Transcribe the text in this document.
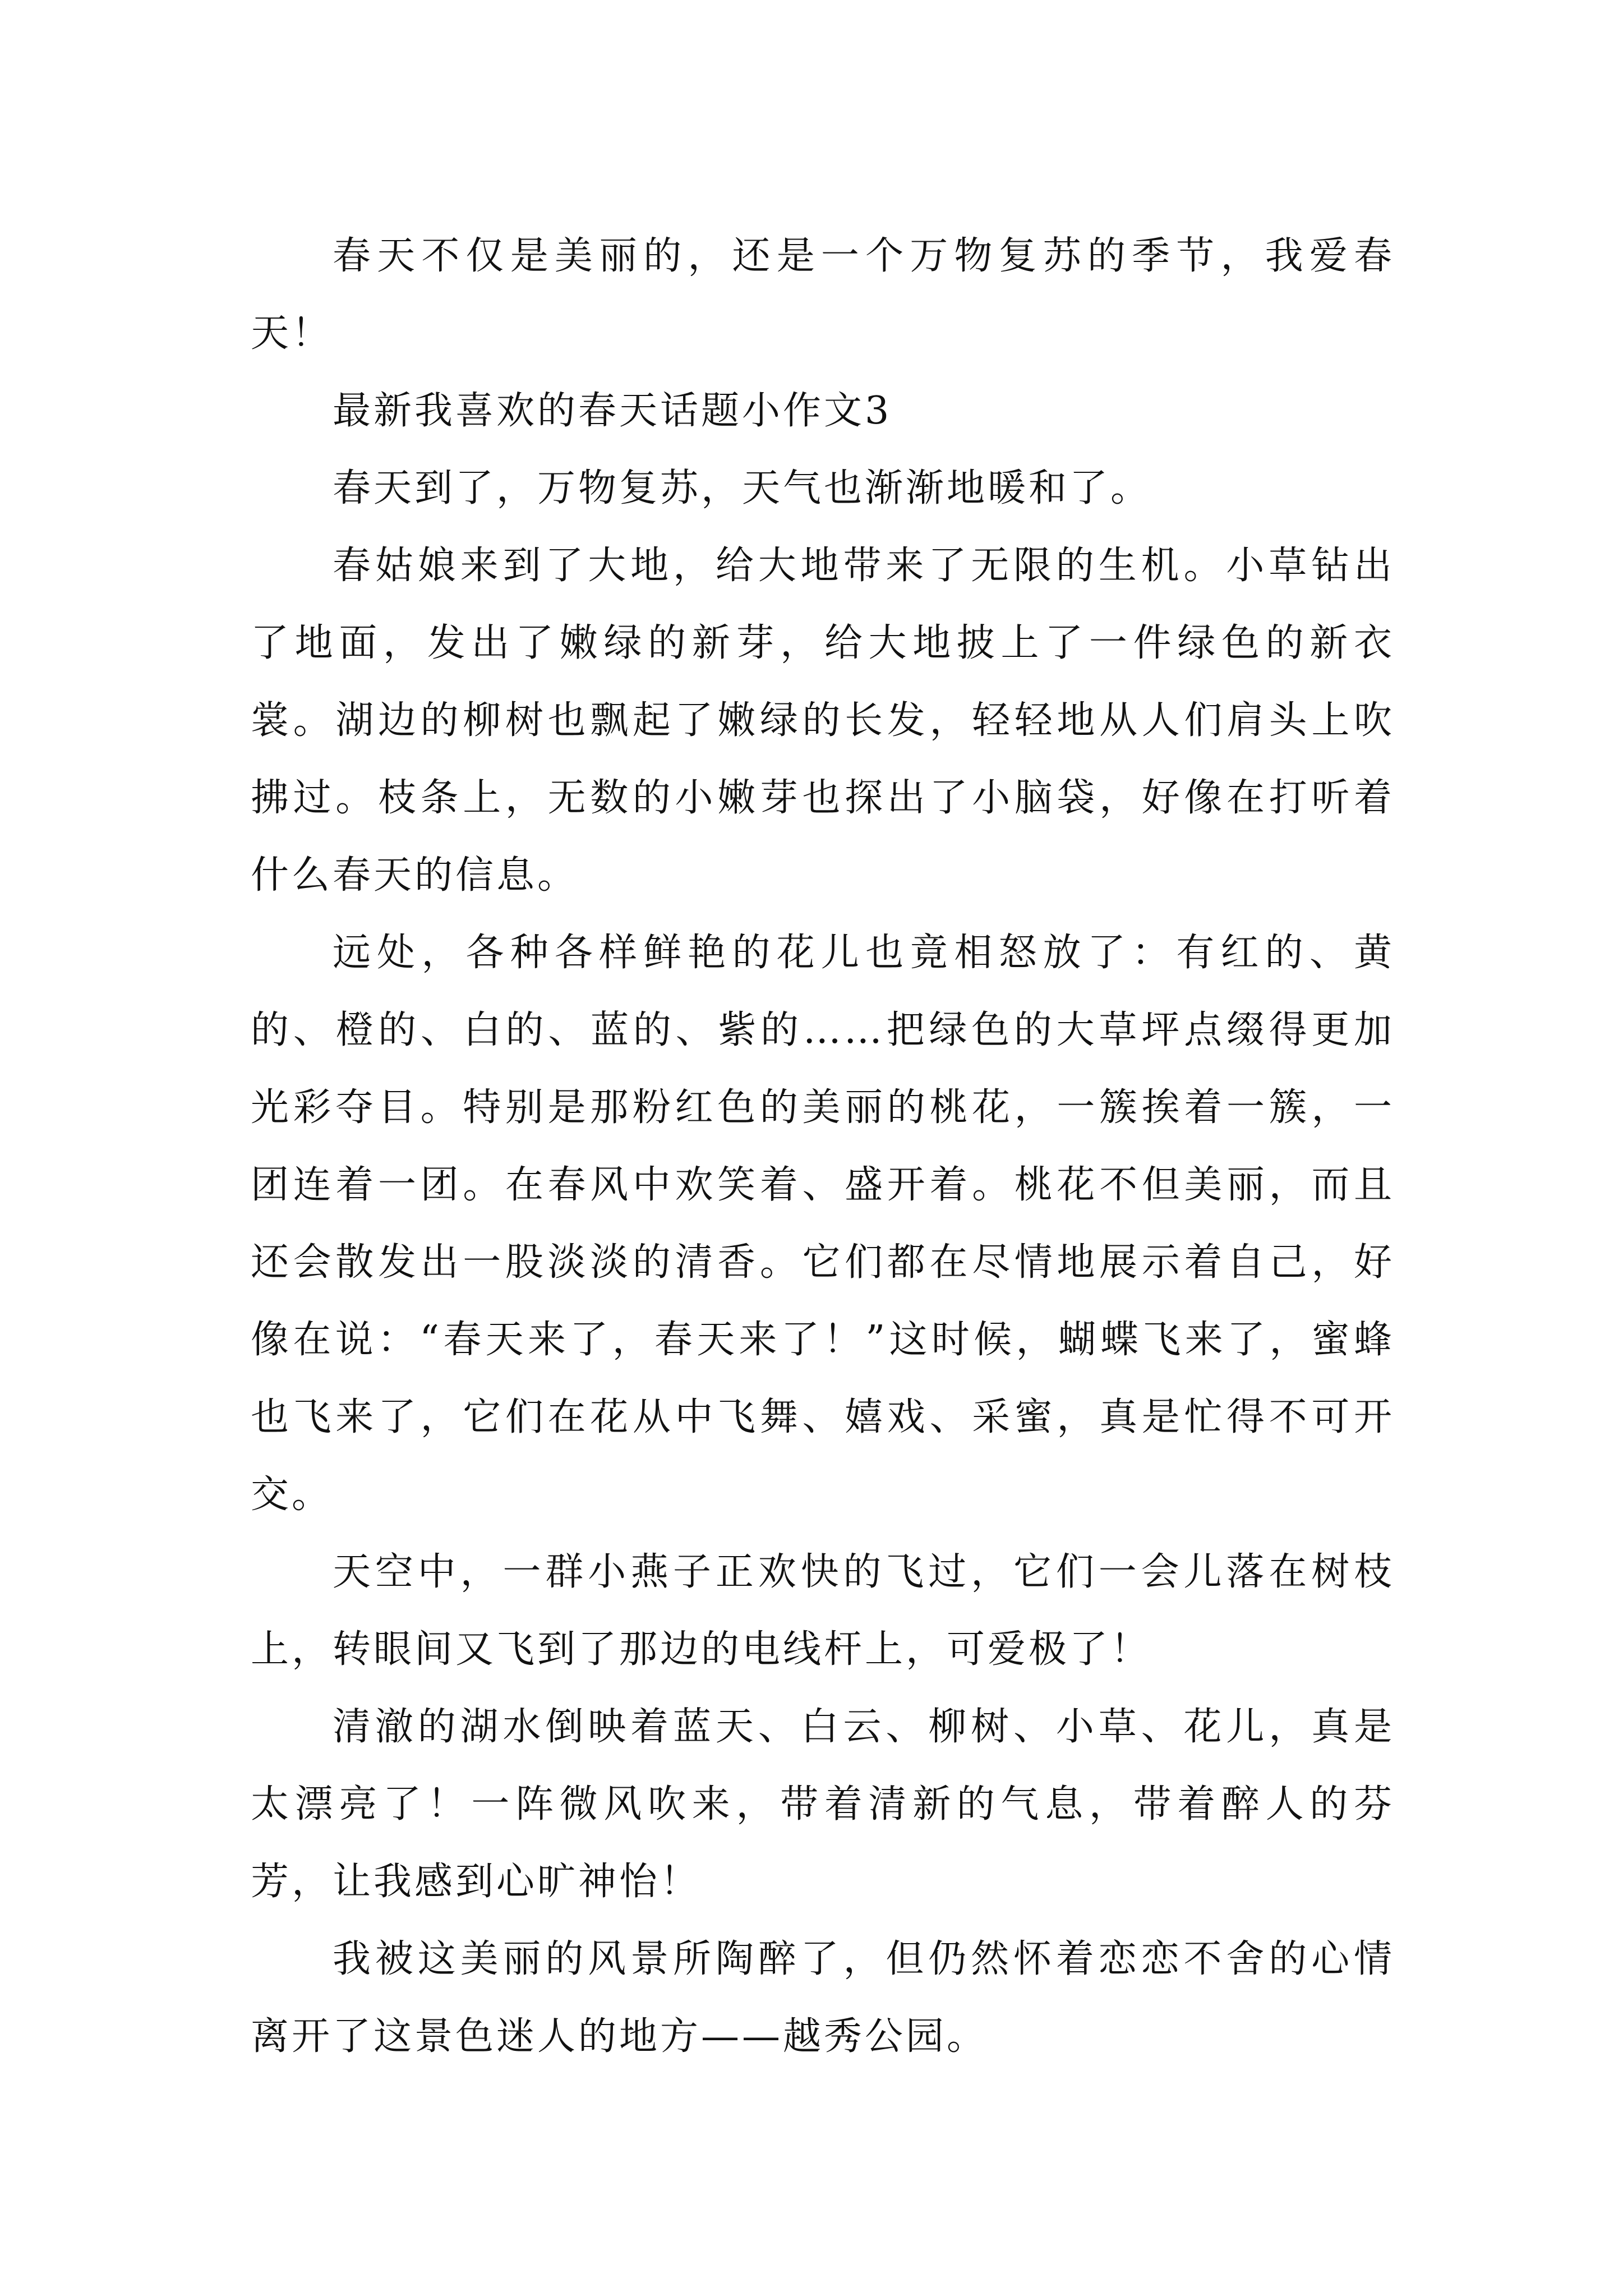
春天不仅是美丽的，还是一个万物复苏的季节，我爱春天！

最新我喜欢的春天话题小作文3

春天到了，万物复苏，天气也渐渐地暖和了。

春姑娘来到了大地，给大地带来了无限的生机。小草钻出了地面，发出了嫩绿的新芽，给大地披上了一件绿色的新衣裳。湖边的柳树也飘起了嫩绿的长发，轻轻地从人们肩头上吹拂过。枝条上，无数的小嫩芽也探出了小脑袋，好像在打听着什么春天的信息。

远处，各种各样鲜艳的花儿也竟相怒放了：有红的、黄的、橙的、白的、蓝的、紫的……把绿色的大草坪点缀得更加光彩夺目。特别是那粉红色的美丽的桃花，一簇挨着一簇，一团连着一团。在春风中欢笑着、盛开着。桃花不但美丽，而且还会散发出一股淡淡的清香。它们都在尽情地展示着自己，好像在说：“春天来了，春天来了！”这时候，蝴蝶飞来了，蜜蜂也飞来了，它们在花从中飞舞、嬉戏、采蜜，真是忙得不可开交。

天空中，一群小燕子正欢快的飞过，它们一会儿落在树枝上，转眼间又飞到了那边的电线杆上，可爱极了！

清澈的湖水倒映着蓝天、白云、柳树、小草、花儿，真是太漂亮了！一阵微风吹来，带着清新的气息，带着醉人的芬芳，让我感到心旷神怡！

我被这美丽的风景所陶醉了，但仍然怀着恋恋不舍的心情离开了这景色迷人的地方——越秀公园。
